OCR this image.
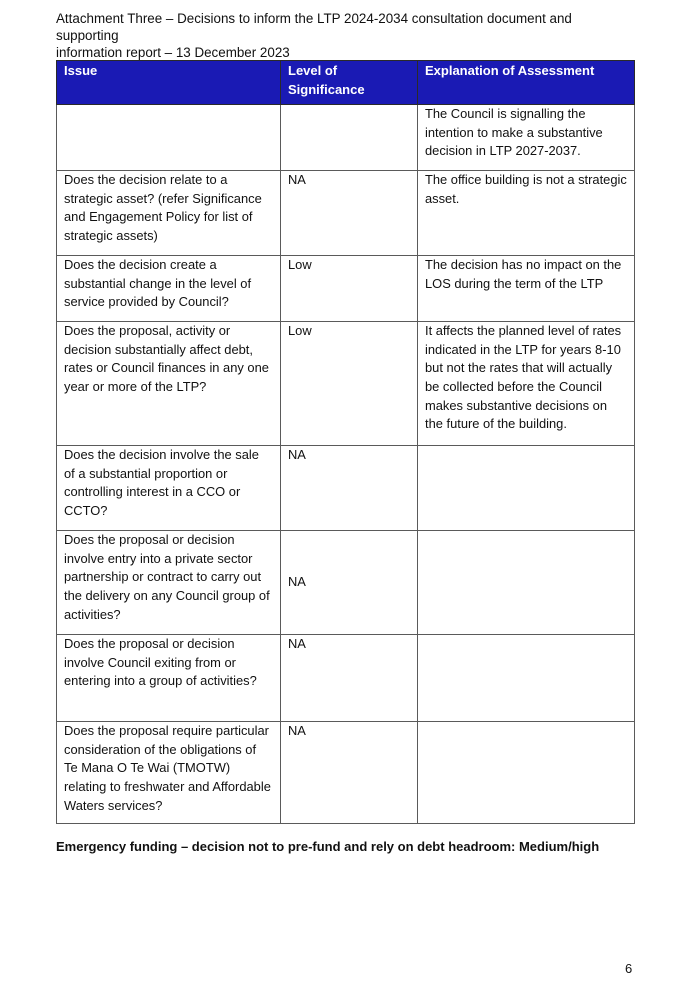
Attachment Three – Decisions to inform the LTP 2024-2034 consultation document and supporting
information report – 13 December 2023
Issue	Level of Significance	Explanation of Assessment
		The Council is signalling the intention to make a substantive decision in LTP 2027-2037.
Does the decision relate to a strategic asset? (refer Significance and Engagement Policy for list of strategic assets)	NA	The office building is not a strategic asset.
Does the decision create a substantial change in the level of service provided by Council?	Low	The decision has no impact on the LOS during the term of the LTP
Does the proposal, activity or decision substantially affect debt, rates or Council finances in any one year or more of the LTP?	Low	It affects the planned level of rates indicated in the LTP for years 8-10 but not the rates that will actually be collected before the Council makes substantive decisions on the future of the building.
Does the decision involve the sale of a substantial proportion or controlling interest in a CCO or CCTO?	NA	
Does the proposal or decision involve entry into a private sector partnership or contract to carry out the delivery on any Council group of activities?	NA	
Does the proposal or decision involve Council exiting from or entering into a group of activities?	NA	
Does the proposal require particular consideration of the obligations of Te Mana O Te Wai (TMOTW) relating to freshwater and Affordable Waters services?	NA	
Emergency funding – decision not to pre-fund and rely on debt headroom: Medium/high
6
